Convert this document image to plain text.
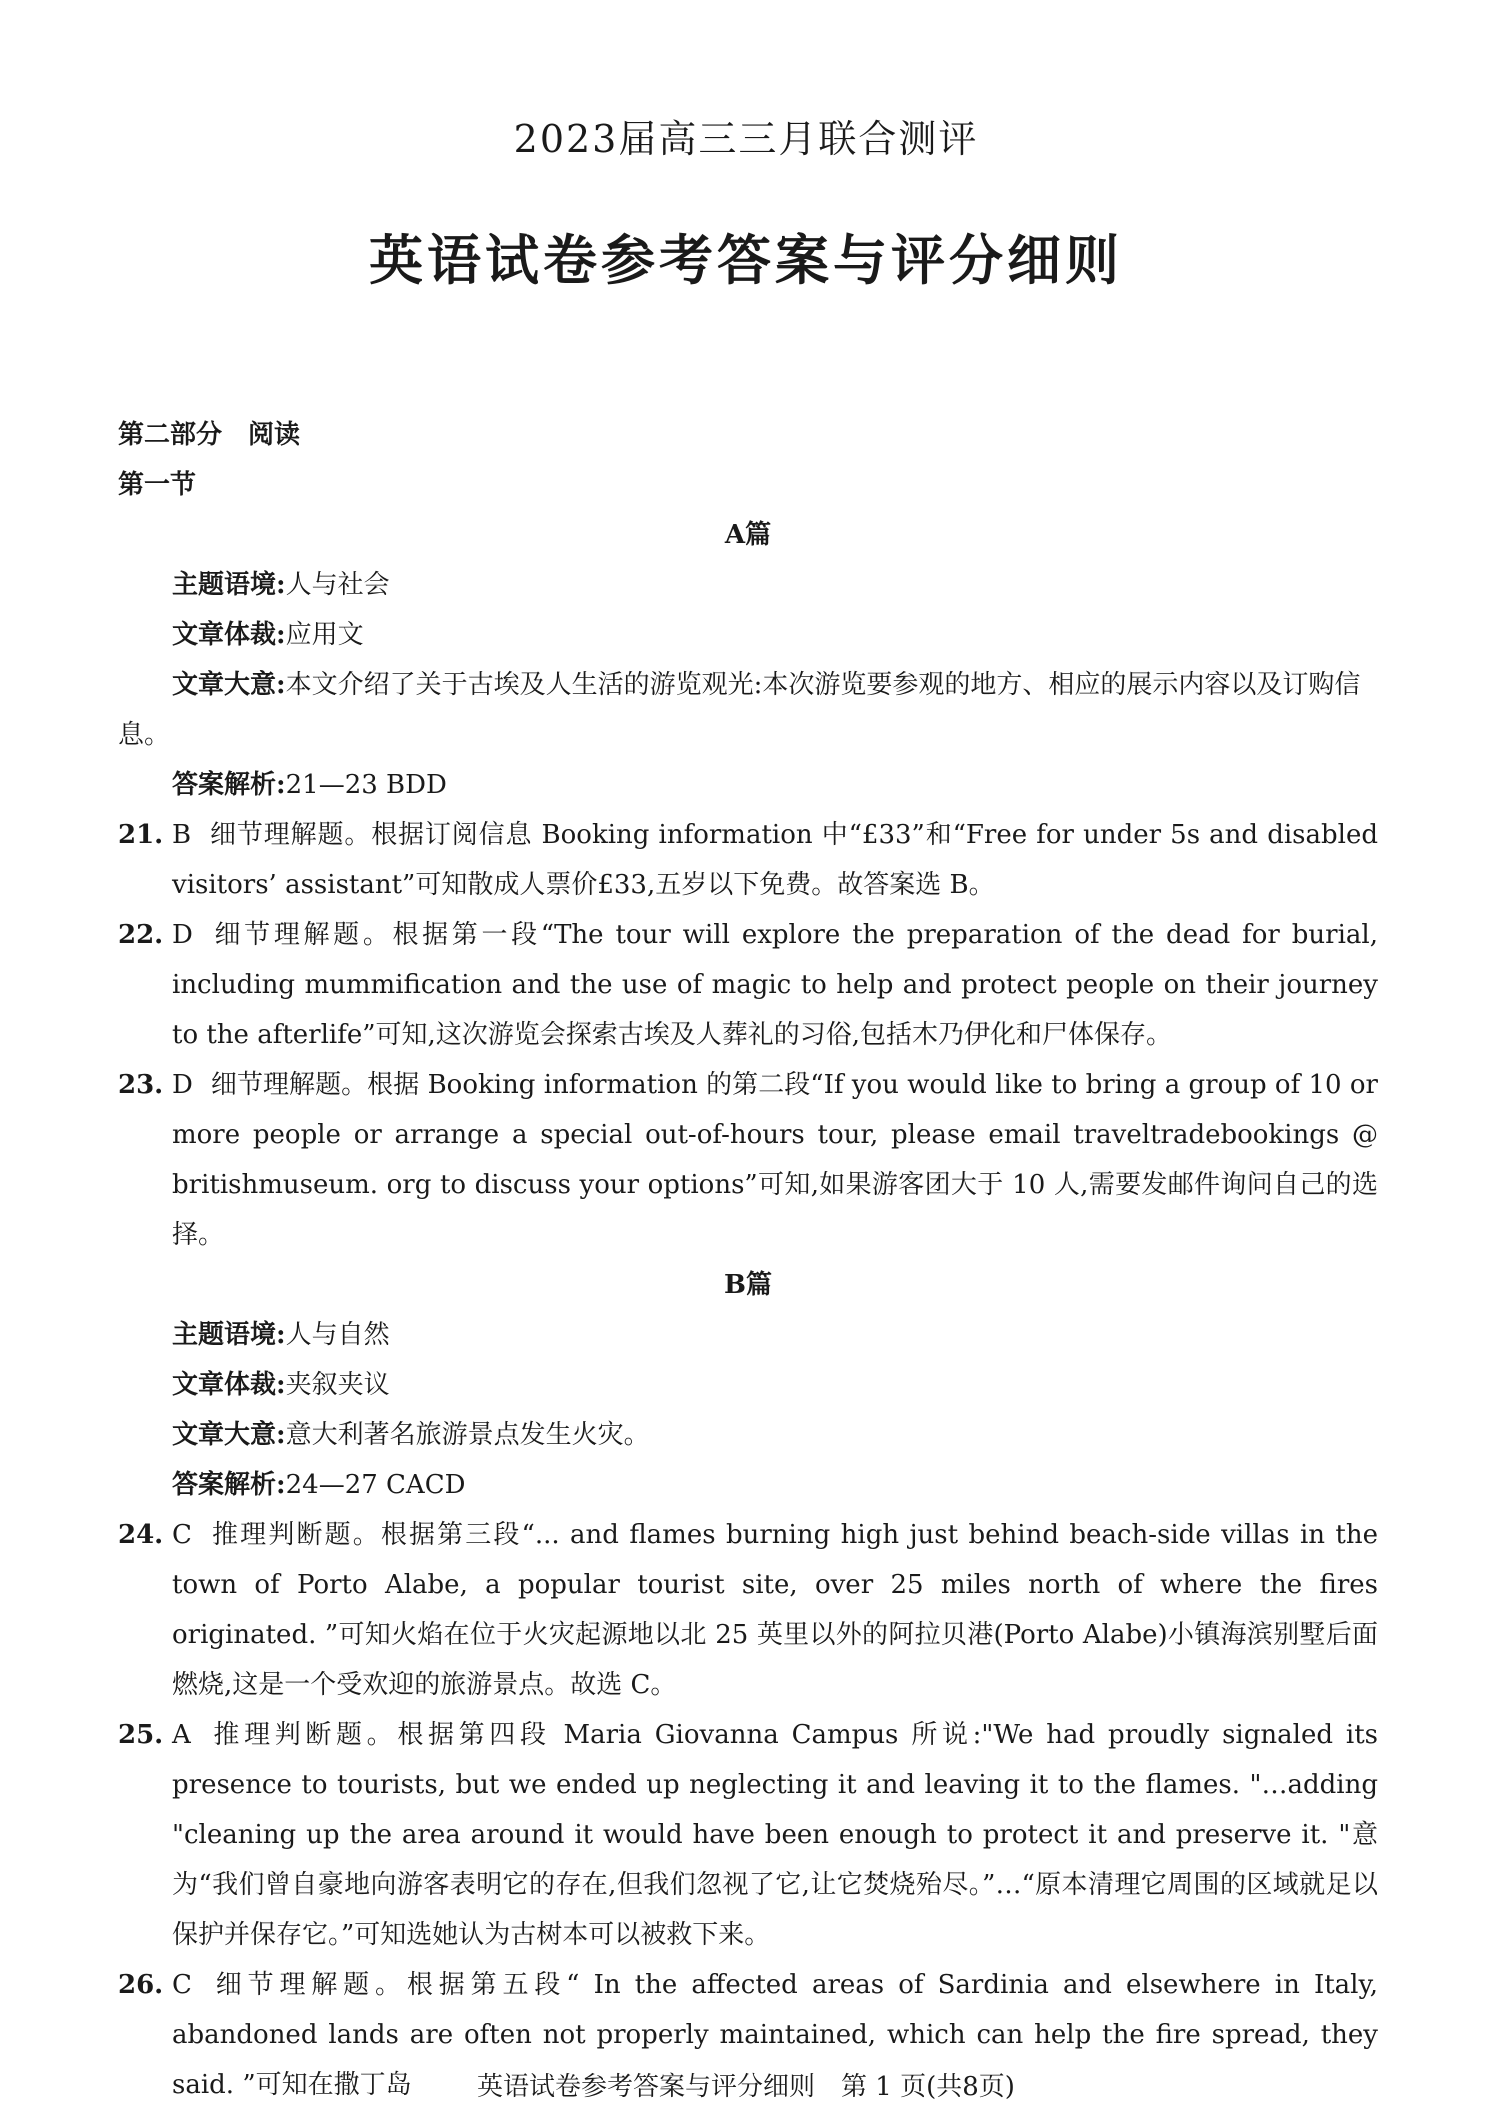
2023届高三三月联合测评
英语试卷参考答案与评分细则
第二部分　阅读
第一节
A篇
主题语境:人与社会
文章体裁:应用文
文章大意:本文介绍了关于古埃及人生活的游览观光:本次游览要参观的地方、相应的展示内容以及订购信息。
答案解析:21—23 BDD
21. B 细节理解题。根据订阅信息 Booking information 中“£33”和“Free for under 5s and disabled visitors’ assistant”可知散成人票价£33,五岁以下免费。故答案选 B。
22. D 细节理解题。根据第一段“The tour will explore the preparation of the dead for burial, including mummification and the use of magic to help and protect people on their journey to the afterlife”可知,这次游览会探索古埃及人葬礼的习俗,包括木乃伊化和尸体保存。
23. D 细节理解题。根据 Booking information 的第二段“If you would like to bring a group of 10 or more people or arrange a special out-of-hours tour, please email traveltradebookings @ britishmuseum. org to discuss your options”可知,如果游客团大于 10 人,需要发邮件询问自己的选择。
B篇
主题语境:人与自然
文章体裁:夹叙夹议
文章大意:意大利著名旅游景点发生火灾。
答案解析:24—27 CACD
24. C 推理判断题。根据第三段“... and flames burning high just behind beach-side villas in the town of Porto Alabe, a popular tourist site, over 25 miles north of where the fires originated. ”可知火焰在位于火灾起源地以北 25 英里以外的阿拉贝港(Porto Alabe)小镇海滨别墅后面燃烧,这是一个受欢迎的旅游景点。故选 C。
25. A 推理判断题。根据第四段 Maria Giovanna Campus 所说:"We had proudly signaled its presence to tourists, but we ended up neglecting it and leaving it to the flames. "…adding "cleaning up the area around it would have been enough to protect it and preserve it. "意为“我们曾自豪地向游客表明它的存在,但我们忽视了它,让它焚烧殆尽。”…“原本清理它周围的区域就足以保护并保存它。”可知选她认为古树本可以被救下来。
26. C 细节理解题。根据第五段“ In the affected areas of Sardinia and elsewhere in Italy, abandoned lands are often not properly maintained, which can help the fire spread, they said. ”可知在撒丁岛	英语试卷参考答案与评分细则　第 1 页(共8页)
